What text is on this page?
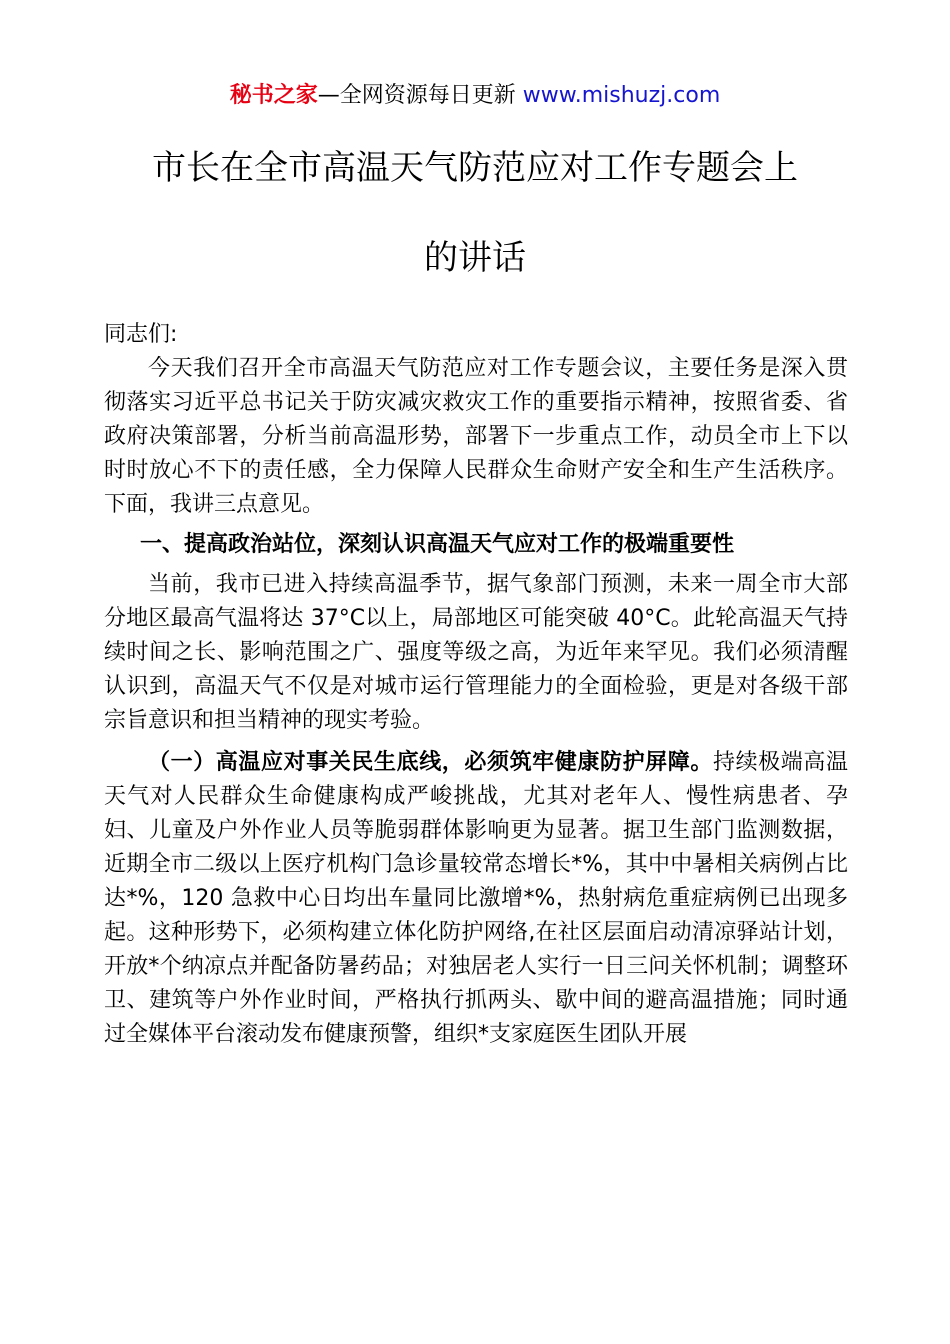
秘书之家—全网资源每日更新 www.mishuzj.com
市长在全市高温天气防范应对工作专题会上
的讲话

同志们:

今天我们召开全市高温天气防范应对工作专题会议，主要任务是深入贯彻落实习近平总书记关于防灾减灾救灾工作的重要指示精神，按照省委、省政府决策部署，分析当前高温形势，部署下一步重点工作，动员全市上下以时时放心不下的责任感，全力保障人民群众生命财产安全和生产生活秩序。下面，我讲三点意见。

一、提高政治站位，深刻认识高温天气应对工作的极端重要性

当前，我市已进入持续高温季节，据气象部门预测，未来一周全市大部分地区最高气温将达 37°C以上，局部地区可能突破 40°C。此轮高温天气持续时间之长、影响范围之广、强度等级之高，为近年来罕见。我们必须清醒认识到，高温天气不仅是对城市运行管理能力的全面检验，更是对各级干部宗旨意识和担当精神的现实考验。

（一）高温应对事关民生底线，必须筑牢健康防护屏障。持续极端高温天气对人民群众生命健康构成严峻挑战，尤其对老年人、慢性病患者、孕妇、儿童及户外作业人员等脆弱群体影响更为显著。据卫生部门监测数据，近期全市二级以上医疗机构门急诊量较常态增长*%，其中中暑相关病例占比达*%，120 急救中心日均出车量同比激增*%，热射病危重症病例已出现多起。这种形势下，必须构建立体化防护网络,在社区层面启动清凉驿站计划，开放*个纳凉点并配备防暑药品；对独居老人实行一日三问关怀机制；调整环卫、建筑等户外作业时间，严格执行抓两头、歇中间的避高温措施；同时通过全媒体平台滚动发布健康预警，组织*支家庭医生团队开展
